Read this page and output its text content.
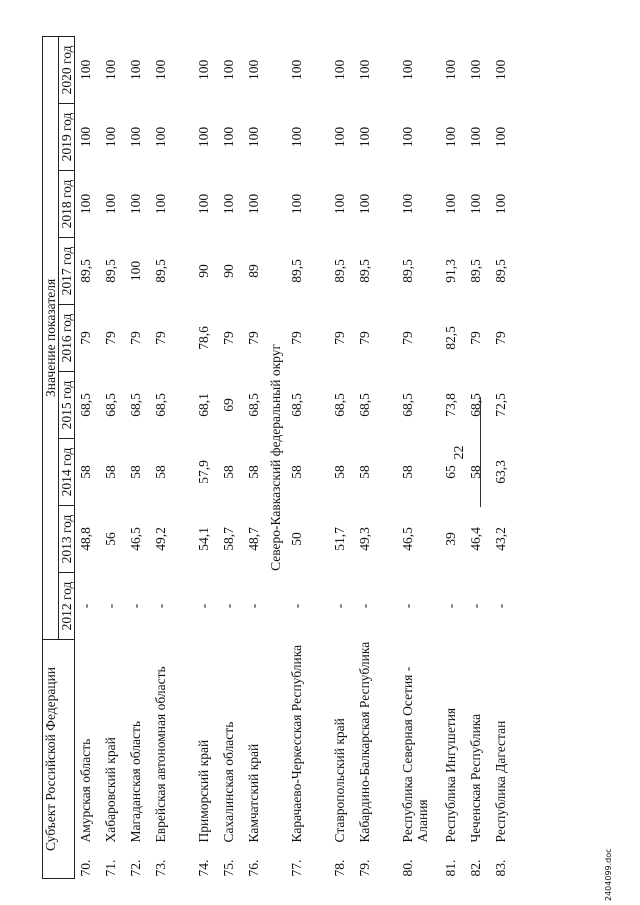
22
2404099.doc
Субъект Российской Федерации		Значение показателя								
		2012 год	2013 год	2014 год	2015 год	2016 год	2017 год	2018 год	2019 год	2020 год
70.	Амурская область	-	48,8	58	68,5	79	89,5	100	100	100
71.	Хабаровский край	-	56	58	68,5	79	89,5	100	100	100
72.	Магаданская область	-	46,5	58	68,5	79	100	100	100	100
73.	Еврейская автономная область	-	49,2	58	68,5	79	89,5	100	100	100
74.	Приморский край	-	54,1	57,9	68,1	78,6	90	100	100	100
75.	Сахалинская область	-	58,7	58	69	79	90	100	100	100
76.	Камчатский край	-	48,7	58	68,5	79	89	100	100	100
Северо-Кавказский федеральный округ										
77.	Карачаево-Черкесская Республика	-	50	58	68,5	79	89,5	100	100	100
78.	Ставропольский край	-	51,7	58	68,5	79	89,5	100	100	100
79.	Кабардино-Балкарская Республика	-	49,3	58	68,5	79	89,5	100	100	100
80.	Республика Северная Осетия - Алания	-	46,5	58	68,5	79	89,5	100	100	100
81.	Республика Ингушетия	-	39	65	73,8	82,5	91,3	100	100	100
82.	Чеченская Республика	-	46,4	58	68,5	79	89,5	100	100	100
83.	Республика Дагестан	-	43,2	63,3	72,5	79	89,5	100	100	100
